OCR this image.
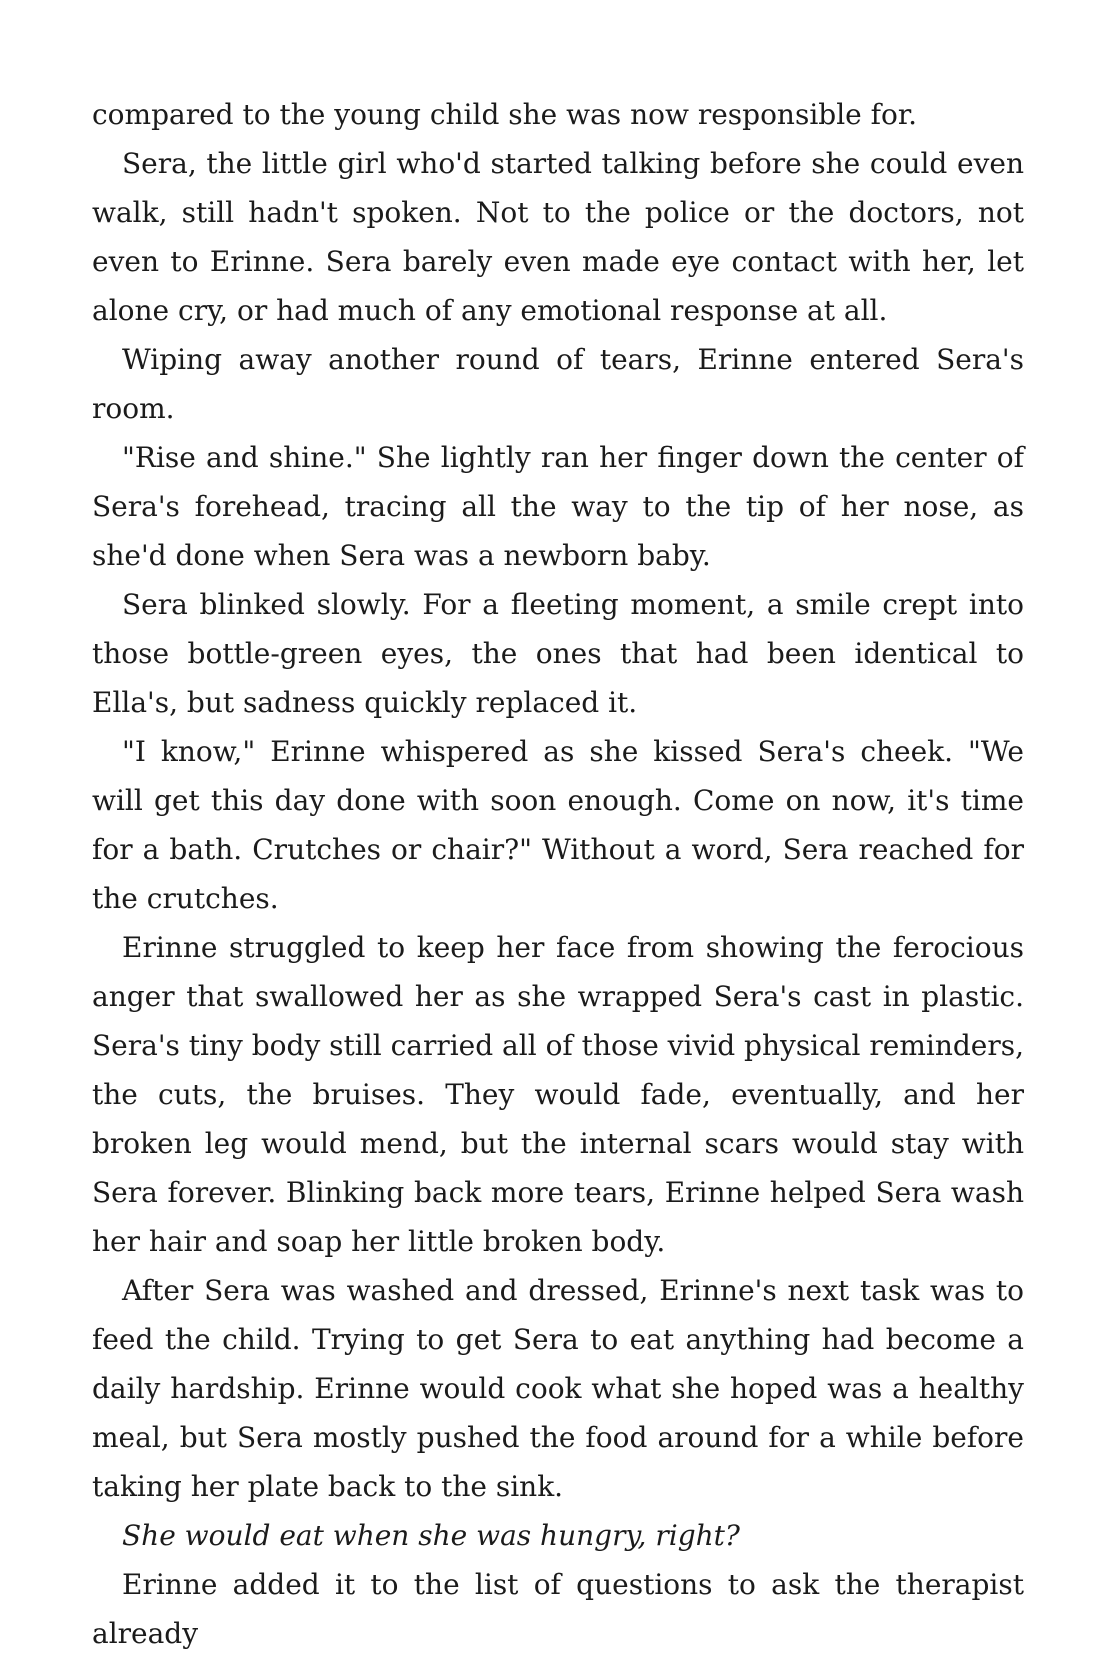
compared to the young child she was now responsible for.

Sera, the little girl who'd started talking before she could even walk, still hadn't spoken. Not to the police or the doctors, not even to Erinne. Sera barely even made eye contact with her, let alone cry, or had much of any emotional response at all.

Wiping away another round of tears, Erinne entered Sera's room.

"Rise and shine." She lightly ran her finger down the center of Sera's forehead, tracing all the way to the tip of her nose, as she'd done when Sera was a newborn baby.

Sera blinked slowly. For a fleeting moment, a smile crept into those bottle-green eyes, the ones that had been identical to Ella's, but sadness quickly replaced it.

"I know," Erinne whispered as she kissed Sera's cheek. "We will get this day done with soon enough. Come on now, it's time for a bath. Crutches or chair?" Without a word, Sera reached for the crutches.

Erinne struggled to keep her face from showing the ferocious anger that swallowed her as she wrapped Sera's cast in plastic. Sera's tiny body still carried all of those vivid physical reminders, the cuts, the bruises. They would fade, eventually, and her broken leg would mend, but the internal scars would stay with Sera forever. Blinking back more tears, Erinne helped Sera wash her hair and soap her little broken body.

After Sera was washed and dressed, Erinne's next task was to feed the child. Trying to get Sera to eat anything had become a daily hardship. Erinne would cook what she hoped was a healthy meal, but Sera mostly pushed the food around for a while before taking her plate back to the sink.

She would eat when she was hungry, right?

Erinne added it to the list of questions to ask the therapist already
